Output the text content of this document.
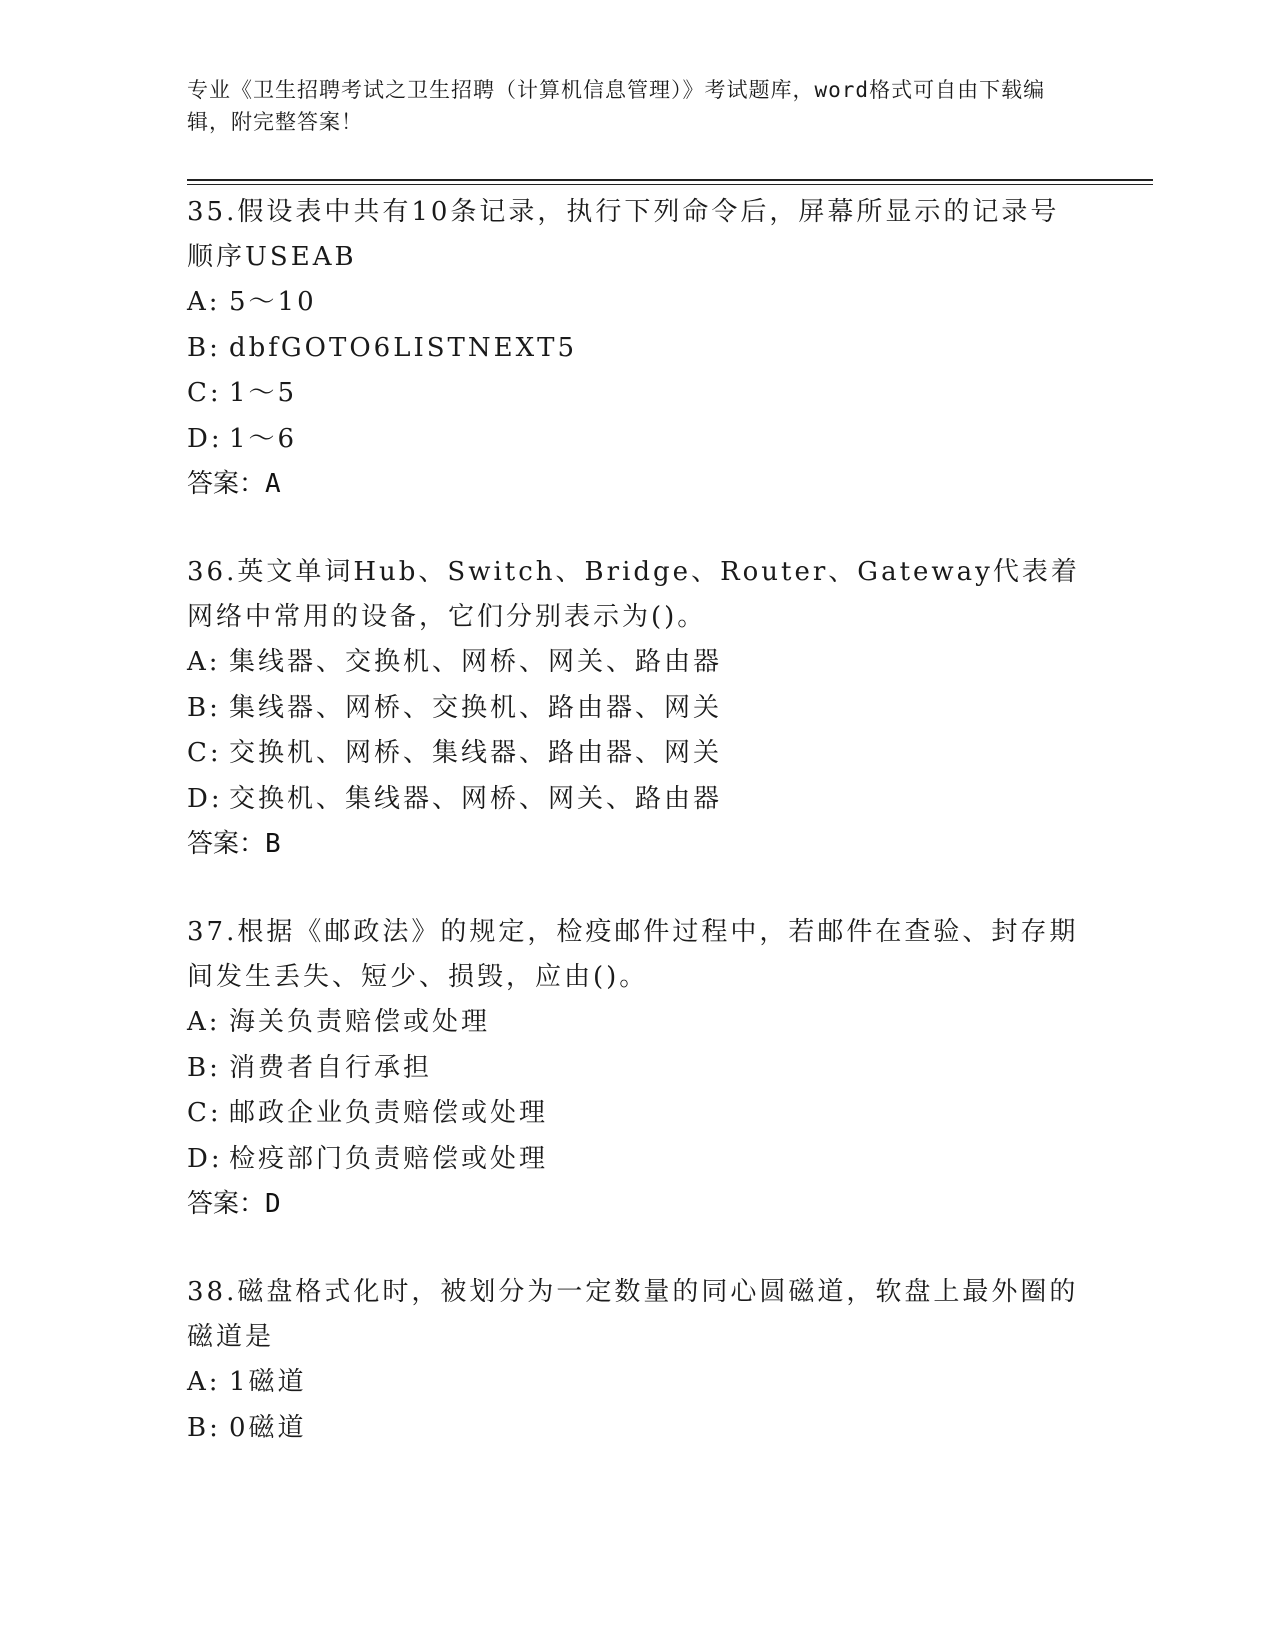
专业《卫生招聘考试之卫生招聘（计算机信息管理）》考试题库，word格式可自由下载编辑，附完整答案！

35.假设表中共有10条记录，执行下列命令后，屏幕所显示的记录号顺序USEAB

A: 5～10

B: dbfGOTO6LISTNEXT5

C: 1～5

D: 1～6

答案：A

36.英文单词Hub、Switch、Bridge、Router、Gateway代表着网络中常用的设备，它们分别表示为()。

A: 集线器、交换机、网桥、网关、路由器

B: 集线器、网桥、交换机、路由器、网关

C: 交换机、网桥、集线器、路由器、网关

D: 交换机、集线器、网桥、网关、路由器

答案：B

37.根据《邮政法》的规定，检疫邮件过程中，若邮件在查验、封存期间发生丢失、短少、损毁，应由()。

A: 海关负责赔偿或处理

B: 消费者自行承担

C: 邮政企业负责赔偿或处理

D: 检疫部门负责赔偿或处理

答案：D

38.磁盘格式化时，被划分为一定数量的同心圆磁道，软盘上最外圈的磁道是

A: 1磁道

B: 0磁道
